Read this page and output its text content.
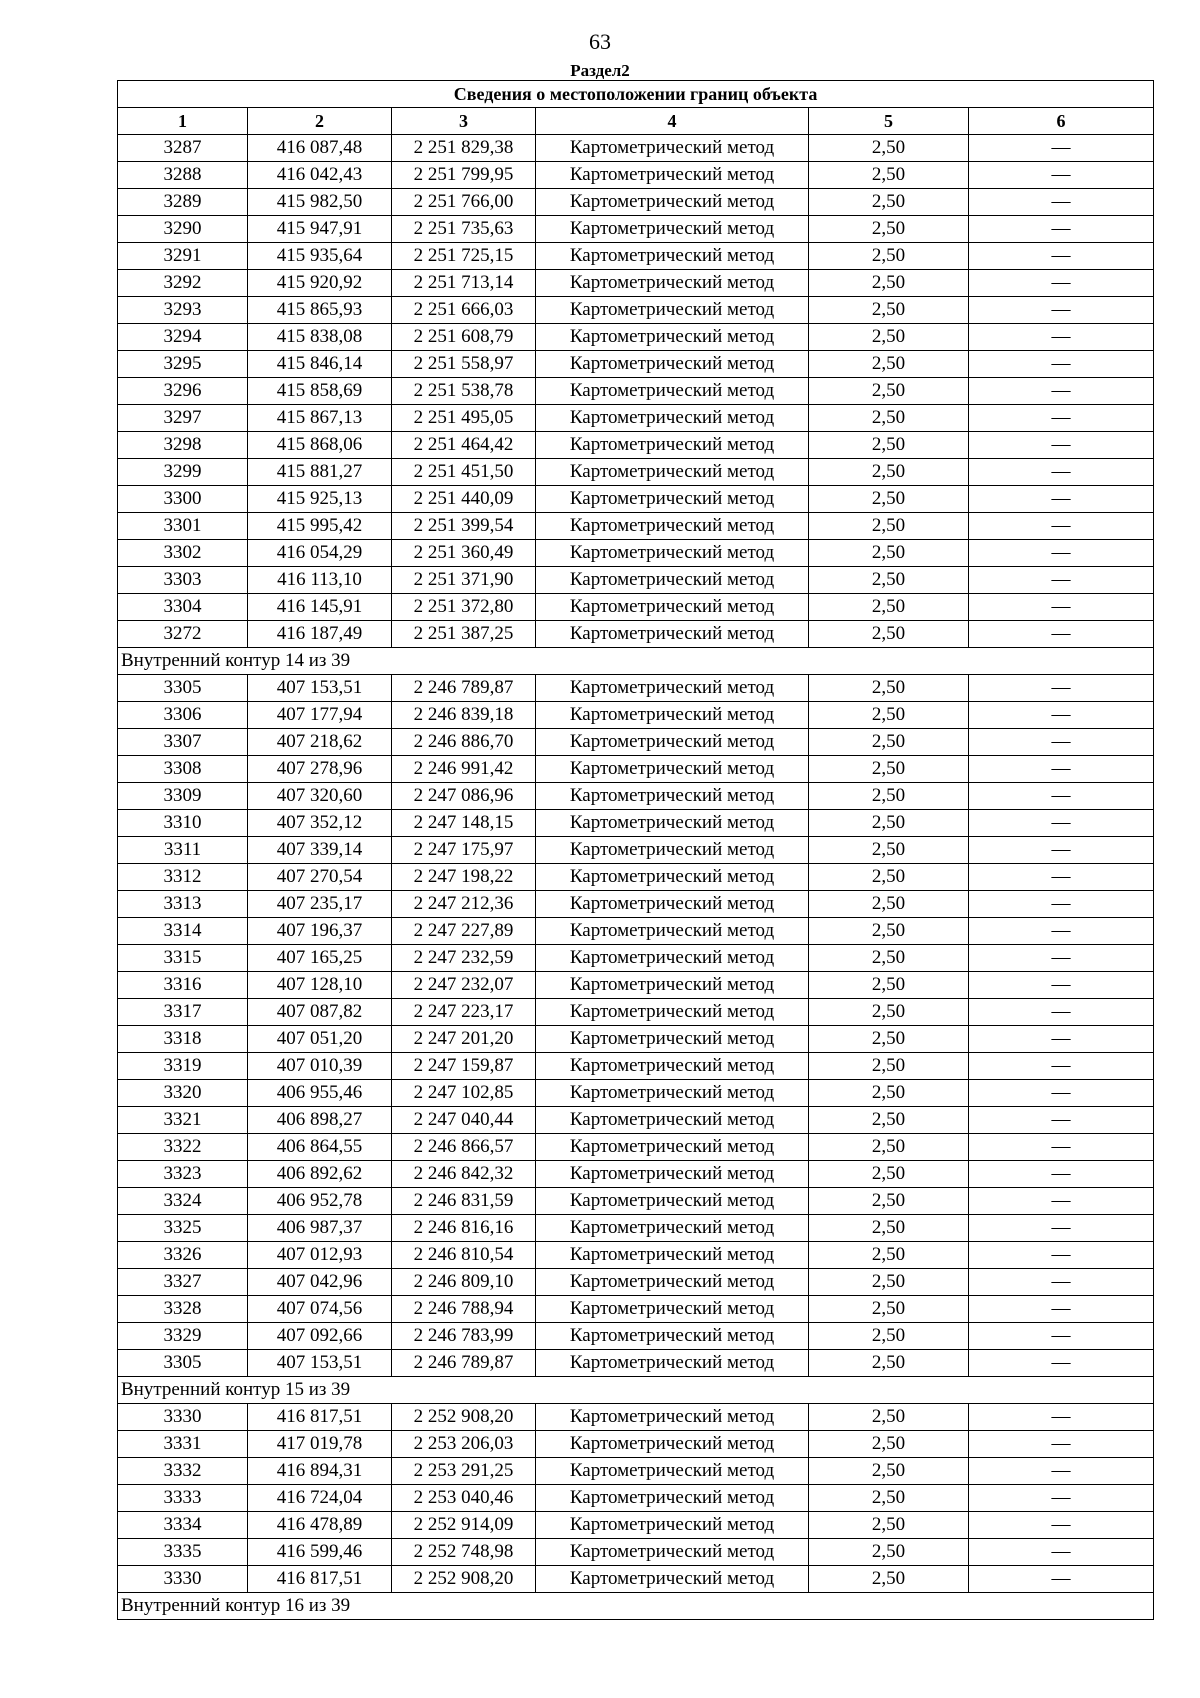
63
Раздел2
Сведения о местоположении границ объекта					
1	2	3	4	5	6
3287	416 087,48	2 251 829,38	Картометрический метод	2,50	—
3288	416 042,43	2 251 799,95	Картометрический метод	2,50	—
3289	415 982,50	2 251 766,00	Картометрический метод	2,50	—
3290	415 947,91	2 251 735,63	Картометрический метод	2,50	—
3291	415 935,64	2 251 725,15	Картометрический метод	2,50	—
3292	415 920,92	2 251 713,14	Картометрический метод	2,50	—
3293	415 865,93	2 251 666,03	Картометрический метод	2,50	—
3294	415 838,08	2 251 608,79	Картометрический метод	2,50	—
3295	415 846,14	2 251 558,97	Картометрический метод	2,50	—
3296	415 858,69	2 251 538,78	Картометрический метод	2,50	—
3297	415 867,13	2 251 495,05	Картометрический метод	2,50	—
3298	415 868,06	2 251 464,42	Картометрический метод	2,50	—
3299	415 881,27	2 251 451,50	Картометрический метод	2,50	—
3300	415 925,13	2 251 440,09	Картометрический метод	2,50	—
3301	415 995,42	2 251 399,54	Картометрический метод	2,50	—
3302	416 054,29	2 251 360,49	Картометрический метод	2,50	—
3303	416 113,10	2 251 371,90	Картометрический метод	2,50	—
3304	416 145,91	2 251 372,80	Картометрический метод	2,50	—
3272	416 187,49	2 251 387,25	Картометрический метод	2,50	—
Внутренний контур 14 из 39					
3305	407 153,51	2 246 789,87	Картометрический метод	2,50	—
3306	407 177,94	2 246 839,18	Картометрический метод	2,50	—
3307	407 218,62	2 246 886,70	Картометрический метод	2,50	—
3308	407 278,96	2 246 991,42	Картометрический метод	2,50	—
3309	407 320,60	2 247 086,96	Картометрический метод	2,50	—
3310	407 352,12	2 247 148,15	Картометрический метод	2,50	—
3311	407 339,14	2 247 175,97	Картометрический метод	2,50	—
3312	407 270,54	2 247 198,22	Картометрический метод	2,50	—
3313	407 235,17	2 247 212,36	Картометрический метод	2,50	—
3314	407 196,37	2 247 227,89	Картометрический метод	2,50	—
3315	407 165,25	2 247 232,59	Картометрический метод	2,50	—
3316	407 128,10	2 247 232,07	Картометрический метод	2,50	—
3317	407 087,82	2 247 223,17	Картометрический метод	2,50	—
3318	407 051,20	2 247 201,20	Картометрический метод	2,50	—
3319	407 010,39	2 247 159,87	Картометрический метод	2,50	—
3320	406 955,46	2 247 102,85	Картометрический метод	2,50	—
3321	406 898,27	2 247 040,44	Картометрический метод	2,50	—
3322	406 864,55	2 246 866,57	Картометрический метод	2,50	—
3323	406 892,62	2 246 842,32	Картометрический метод	2,50	—
3324	406 952,78	2 246 831,59	Картометрический метод	2,50	—
3325	406 987,37	2 246 816,16	Картометрический метод	2,50	—
3326	407 012,93	2 246 810,54	Картометрический метод	2,50	—
3327	407 042,96	2 246 809,10	Картометрический метод	2,50	—
3328	407 074,56	2 246 788,94	Картометрический метод	2,50	—
3329	407 092,66	2 246 783,99	Картометрический метод	2,50	—
3305	407 153,51	2 246 789,87	Картометрический метод	2,50	—
Внутренний контур 15 из 39					
3330	416 817,51	2 252 908,20	Картометрический метод	2,50	—
3331	417 019,78	2 253 206,03	Картометрический метод	2,50	—
3332	416 894,31	2 253 291,25	Картометрический метод	2,50	—
3333	416 724,04	2 253 040,46	Картометрический метод	2,50	—
3334	416 478,89	2 252 914,09	Картометрический метод	2,50	—
3335	416 599,46	2 252 748,98	Картометрический метод	2,50	—
3330	416 817,51	2 252 908,20	Картометрический метод	2,50	—
Внутренний контур 16 из 39					
